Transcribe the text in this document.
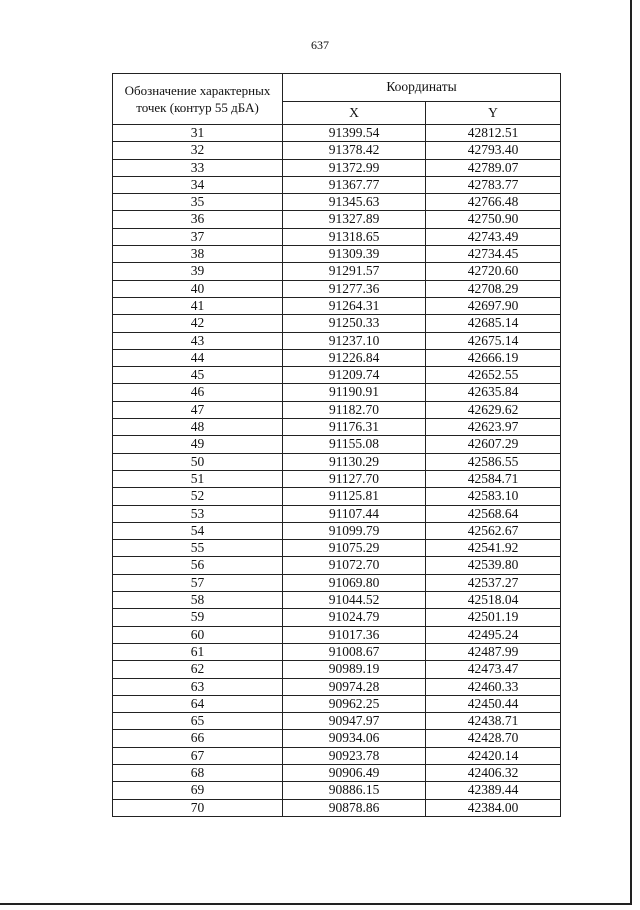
637
Обозначение характерных точек (контур 55 дБА)	Координаты	
	X	Y
31	91399.54	42812.51
32	91378.42	42793.40
33	91372.99	42789.07
34	91367.77	42783.77
35	91345.63	42766.48
36	91327.89	42750.90
37	91318.65	42743.49
38	91309.39	42734.45
39	91291.57	42720.60
40	91277.36	42708.29
41	91264.31	42697.90
42	91250.33	42685.14
43	91237.10	42675.14
44	91226.84	42666.19
45	91209.74	42652.55
46	91190.91	42635.84
47	91182.70	42629.62
48	91176.31	42623.97
49	91155.08	42607.29
50	91130.29	42586.55
51	91127.70	42584.71
52	91125.81	42583.10
53	91107.44	42568.64
54	91099.79	42562.67
55	91075.29	42541.92
56	91072.70	42539.80
57	91069.80	42537.27
58	91044.52	42518.04
59	91024.79	42501.19
60	91017.36	42495.24
61	91008.67	42487.99
62	90989.19	42473.47
63	90974.28	42460.33
64	90962.25	42450.44
65	90947.97	42438.71
66	90934.06	42428.70
67	90923.78	42420.14
68	90906.49	42406.32
69	90886.15	42389.44
70	90878.86	42384.00
